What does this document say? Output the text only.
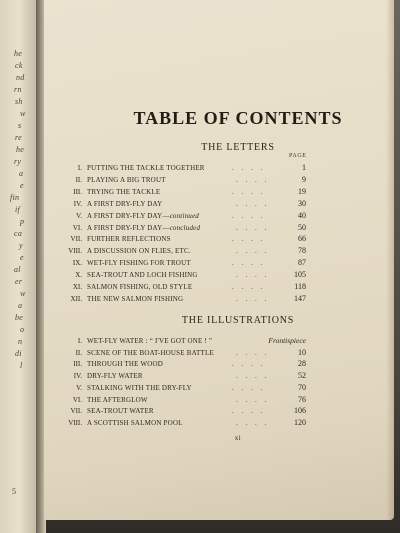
5
he
ck
nd
rn
sh
w
s
re
he
ry
a
e
fin
if
p
ca
y
e
al
er
w
a
be
o
n
di
l
TABLE OF CONTENTS
THE LETTERS
PAGE
I. PUTTING THE TACKLE TOGETHER	. . . .	1
II. PLAYING A BIG TROUT	. . . .	9
III. TRYING THE TACKLE	. . . .	19
IV. A FIRST DRY-FLY DAY	. . . .	30
V. A FIRST DRY-FLY DAY—continued	. . . .	40
VI. A FIRST DRY-FLY DAY—concluded	. . . .	50
VII. FURTHER REFLECTIONS	. . . .	66
VIII. A DISCUSSION ON FLIES, ETC.	. . . .	78
IX. WET-FLY FISHING FOR TROUT	. . . .	87
X. SEA-TROUT AND LOCH FISHING	. . . .	105
XI. SALMON FISHING, OLD STYLE	. . . .	118
XII. THE NEW SALMON FISHING	. . . .	147
THE ILLUSTRATIONS
I. WET-FLY WATER : “ I'VE GOT ONE ! ”	Frontispiece
II. SCENE OF THE BOAT-HOUSE BATTLE	. . . .	10
III. THROUGH THE WOOD	. . . .	28
IV. DRY-FLY WATER	. . . .	52
V. STALKING WITH THE DRY-FLY	. . . .	70
VI. THE AFTERGLOW	. . . .	76
VII. SEA-TROUT WATER	. . . .	106
VIII. A SCOTTISH SALMON POOL	. . . .	120
xi
